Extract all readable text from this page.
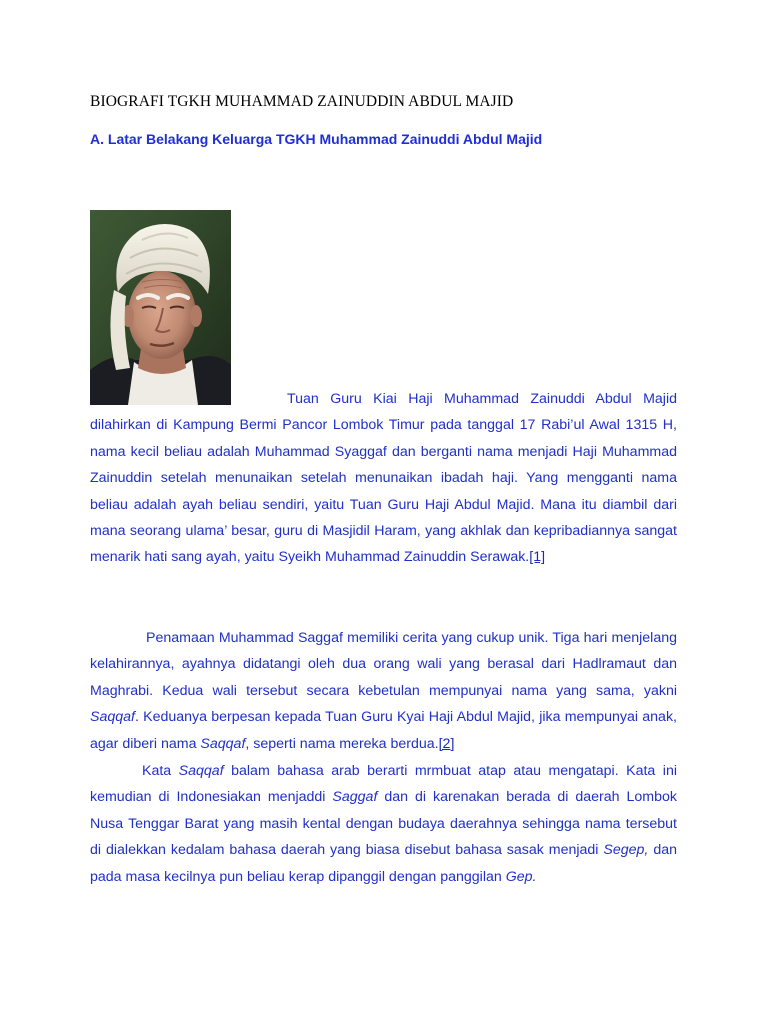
BIOGRAFI TGKH MUHAMMAD ZAINUDDIN ABDUL MAJID
A. Latar Belakang Keluarga TGKH Muhammad Zainuddi Abdul Majid

Tuan Guru Kiai Haji Muhammad Zainuddi Abdul Majid dilahirkan di Kampung Bermi Pancor Lombok Timur pada tanggal 17 Rabi’ul Awal 1315 H, nama kecil beliau adalah Muhammad Syaggaf dan berganti nama menjadi Haji Muhammad Zainuddin setelah menunaikan setelah menunaikan ibadah haji. Yang mengganti nama beliau adalah ayah beliau sendiri, yaitu Tuan Guru Haji Abdul Majid. Mana itu diambil dari mana seorang ulama’ besar, guru di Masjidil Haram, yang akhlak dan kepribadiannya sangat menarik hati sang ayah, yaitu Syeikh Muhammad Zainuddin Serawak.[1]

Penamaan Muhammad Saggaf memiliki cerita yang cukup unik. Tiga hari menjelang kelahirannya, ayahnya didatangi oleh dua orang wali yang berasal dari Hadlramaut dan Maghrabi. Kedua wali tersebut secara kebetulan mempunyai nama yang sama, yakni Saqqaf. Keduanya berpesan kepada Tuan Guru Kyai Haji Abdul Majid, jika mempunyai anak, agar diberi nama Saqqaf, seperti nama mereka berdua.[2]

Kata Saqqaf balam bahasa arab berarti mrmbuat atap atau mengatapi. Kata ini kemudian di Indonesiakan menjaddi Saggaf dan di karenakan berada di daerah Lombok Nusa Tenggar Barat yang masih kental dengan budaya daerahnya sehingga nama tersebut di dialekkan kedalam bahasa daerah yang biasa disebut bahasa sasak menjadi Segep, dan pada masa kecilnya pun beliau kerap dipanggil dengan panggilan Gep.
